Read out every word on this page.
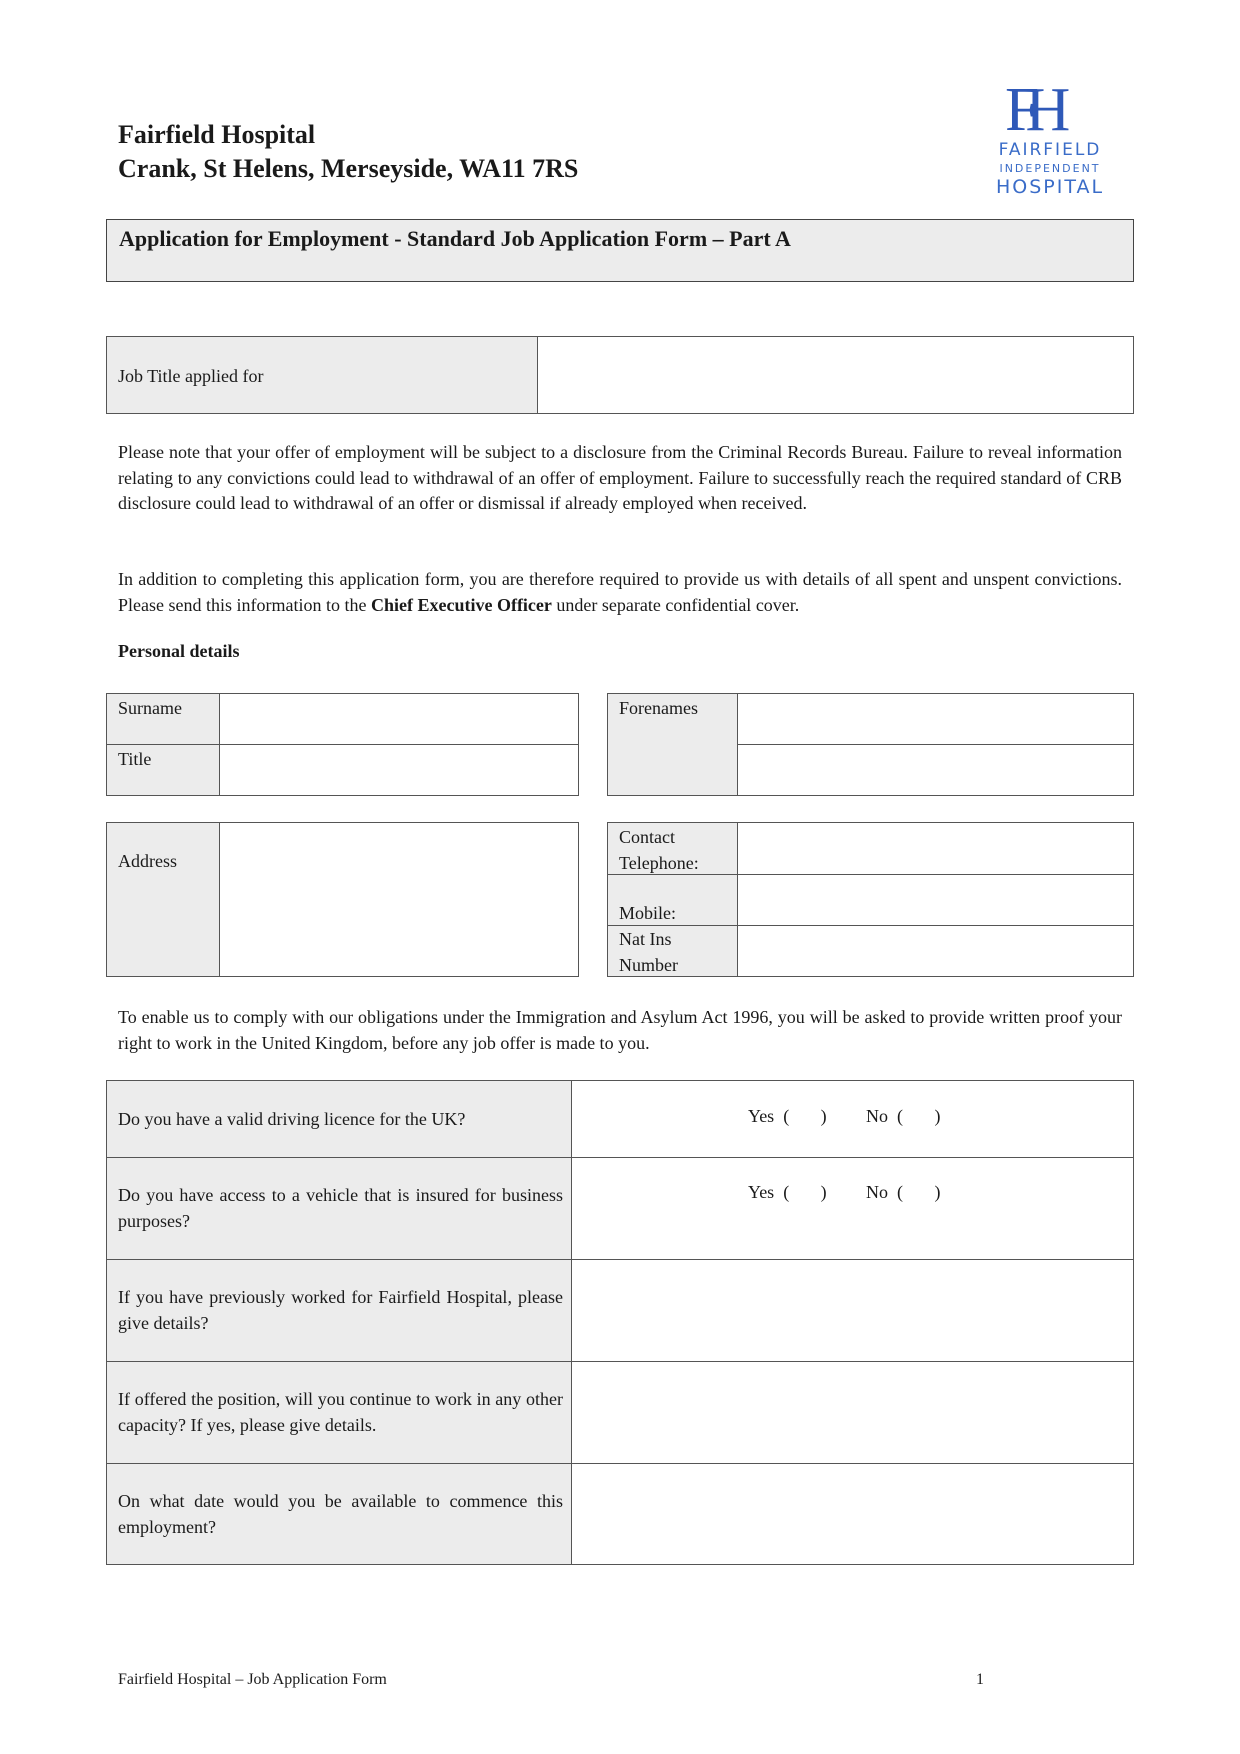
Fairfield Hospital
Crank, St Helens, Merseyside, WA11 7RS
FH
FAIRFIELD
INDEPENDENT
HOSPITAL
Application for Employment - Standard Job Application Form – Part A
Job Title applied for
Please note that your offer of employment will be subject to a disclosure from the Criminal Records Bureau. Failure to reveal information relating to any convictions could lead to withdrawal of an offer of employment. Failure to successfully reach the required standard of CRB disclosure could lead to withdrawal of an offer or dismissal if already employed when received.
In addition to completing this application form, you are therefore required to provide us with details of all spent and unspent convictions. Please send this information to the Chief Executive Officer under separate confidential cover.
Personal details
Surname
Title
Forenames
Address
Contact Telephone:
Mobile:
Nat Ins Number
To enable us to comply with our obligations under the Immigration and Asylum Act 1996, you will be asked to provide written proof your right to work in the United Kingdom, before any job offer is made to you.
Do you have a valid driving licence for the UK?	Yes  (       ) No  (       )
Do you have access to a vehicle that is insured for business purposes?
Yes  (       ) No  (       )
If you have previously worked for Fairfield Hospital, please give details?
If offered the position, will you continue to work in any other capacity? If yes, please give details.
On what date would you be available to commence this employment?
Fairfield Hospital – Job Application Form	1
